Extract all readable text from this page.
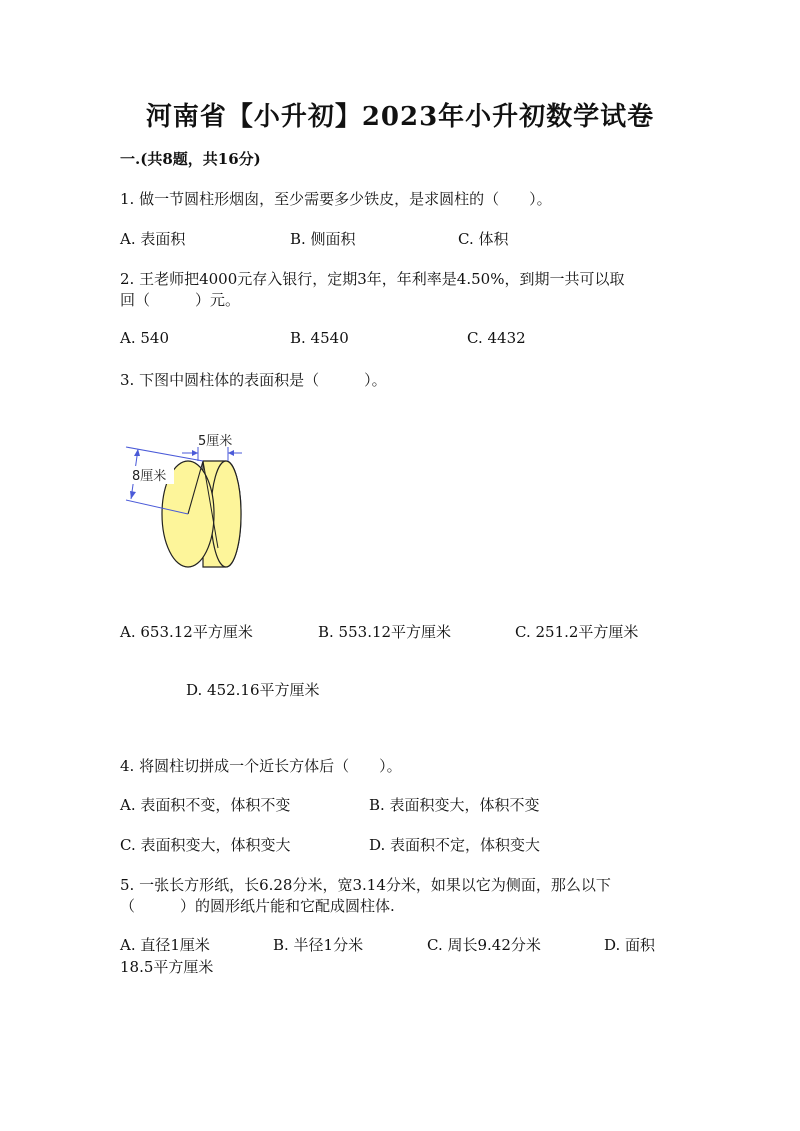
河南省【小升初】2023年小升初数学试卷
一.(共8题，共16分)
1. 做一节圆柱形烟囱，至少需要多少铁皮，是求圆柱的（　　）。
A. 表面积	B. 侧面积	C. 体积
2. 王老师把4000元存入银行，定期3年，年利率是4.50%，到期一共可以取
回（　　　）元。
A. 540	B. 4540	C. 4432
3. 下图中圆柱体的表面积是（　　　）。
5厘米
8厘米
A. 653.12平方厘米	B. 553.12平方厘米	C. 251.2平方厘米
D. 452.16平方厘米
4. 将圆柱切拼成一个近长方体后（　　）。
A. 表面积不变，体积不变	B. 表面积变大，体积不变
C. 表面积变大，体积变大	D. 表面积不定，体积变大
5. 一张长方形纸，长6.28分米，宽3.14分米，如果以它为侧面，那么以下
（　　　）的圆形纸片能和它配成圆柱体.
A. 直径1厘米	B. 半径1分米	C. 周长9.42分米	D. 面积
18.5平方厘米
